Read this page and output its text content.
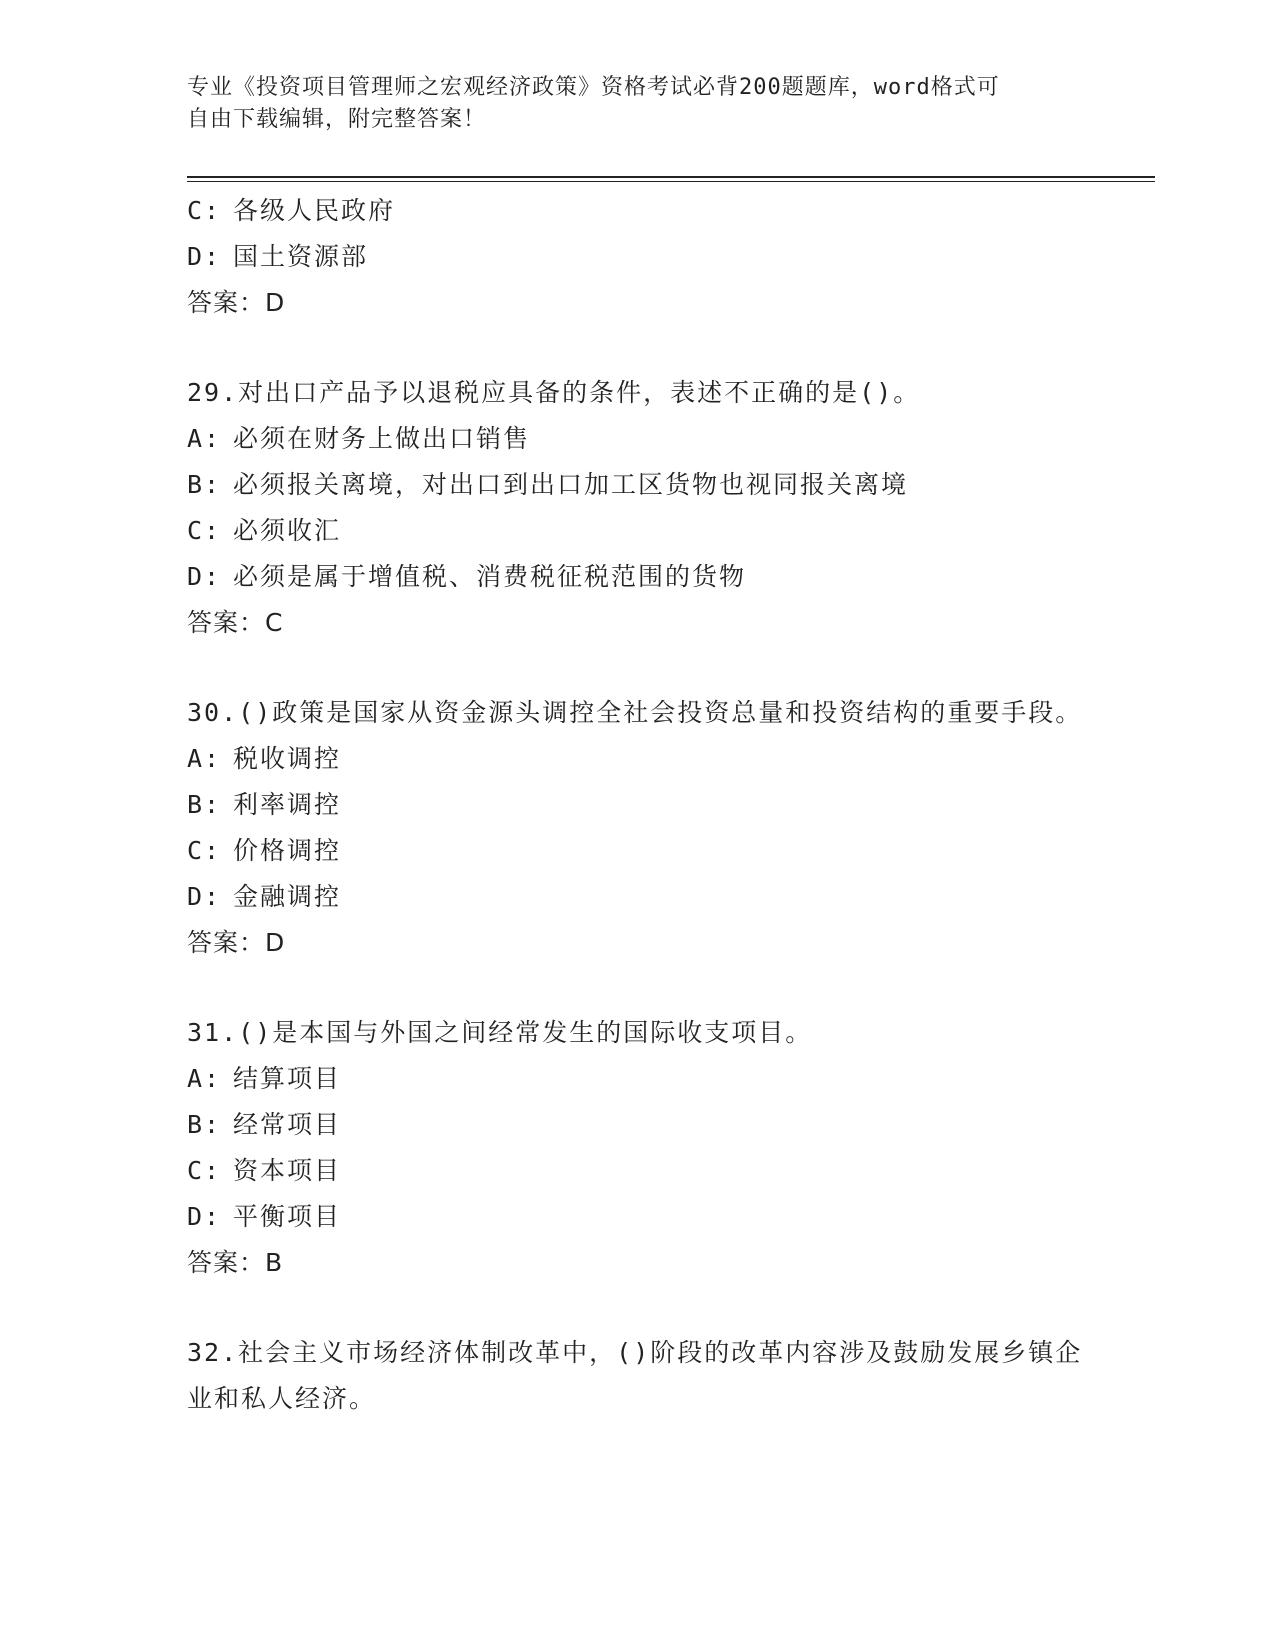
专业《投资项目管理师之宏观经济政策》资格考试必背200题题库，word格式可
自由下载编辑，附完整答案！
C: 各级人民政府
D: 国土资源部
答案：D
29.对出口产品予以退税应具备的条件，表述不正确的是()。
A: 必须在财务上做出口销售
B: 必须报关离境，对出口到出口加工区货物也视同报关离境
C: 必须收汇
D: 必须是属于增值税、消费税征税范围的货物
答案：C
30.()政策是国家从资金源头调控全社会投资总量和投资结构的重要手段。
A: 税收调控
B: 利率调控
C: 价格调控
D: 金融调控
答案：D
31.()是本国与外国之间经常发生的国际收支项目。
A: 结算项目
B: 经常项目
C: 资本项目
D: 平衡项目
答案：B
32.社会主义市场经济体制改革中，()阶段的改革内容涉及鼓励发展乡镇企业和私人经济。
